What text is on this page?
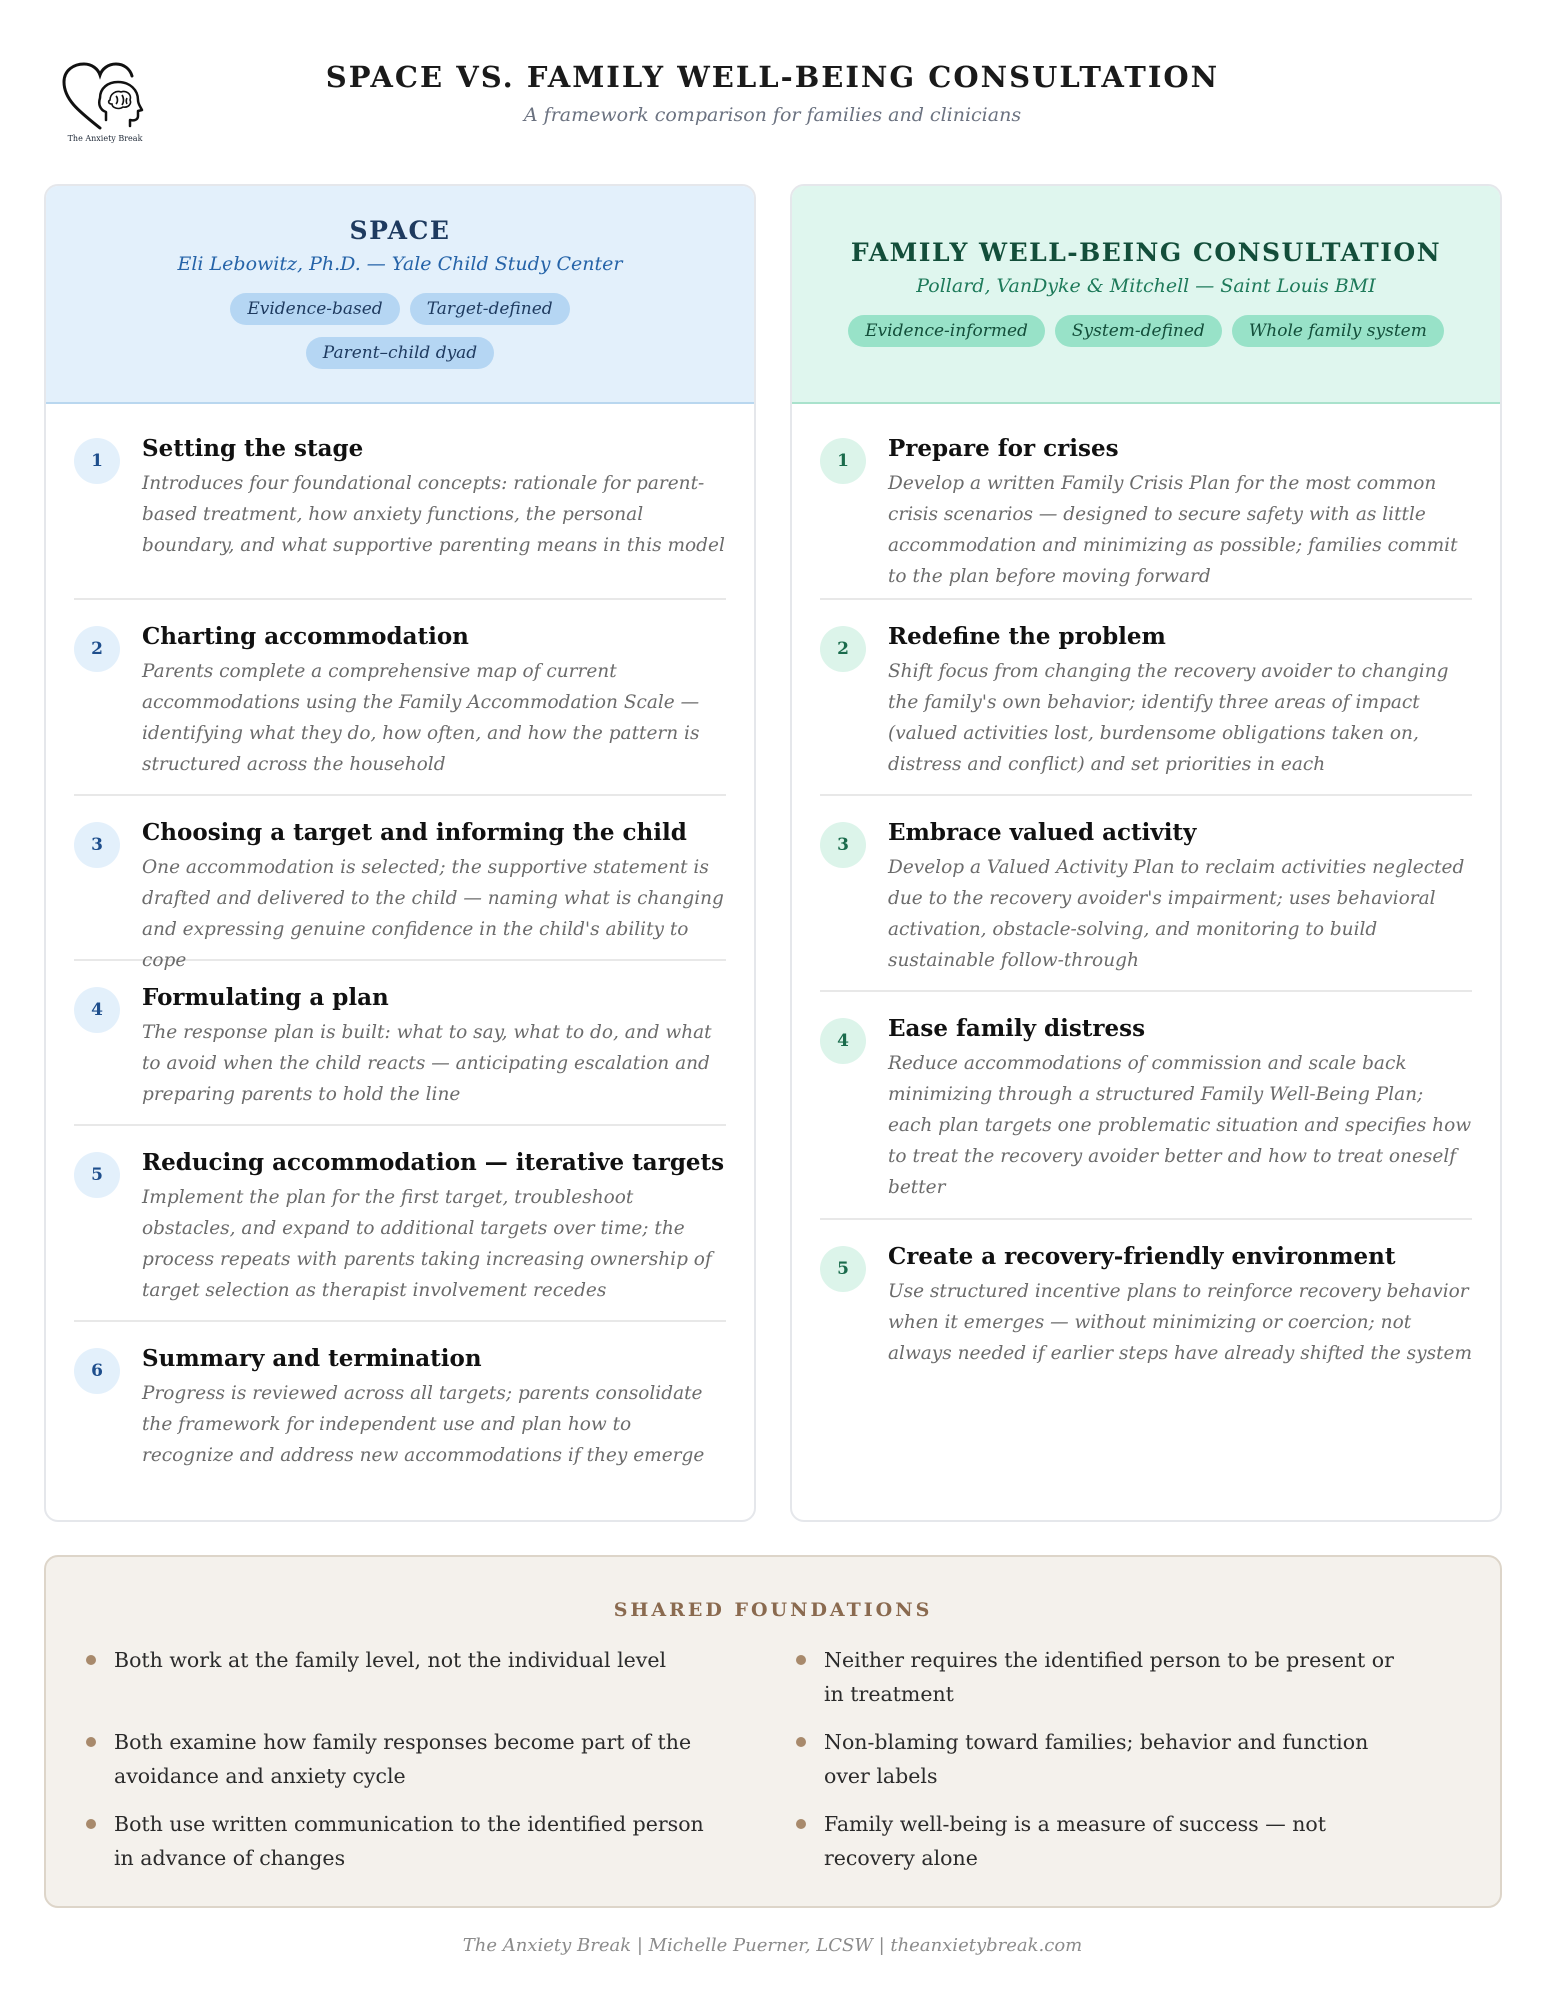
The Anxiety Break
SPACE VS. FAMILY WELL-BEING CONSULTATION
A framework comparison for families and clinicians
SPACE
Eli Lebowitz, Ph.D. — Yale Child Study Center
Evidence-based	Target-defined
Parent–child dyad
1	Setting the stage
Introduces four foundational concepts: rationale for parent-based treatment, how anxiety functions, the personal boundary, and what supportive parenting means in this model
2	Charting accommodation
Parents complete a comprehensive map of current accommodations using the Family Accommodation Scale — identifying what they do, how often, and how the pattern is structured across the household
3	Choosing a target and informing the child
One accommodation is selected; the supportive statement is drafted and delivered to the child — naming what is changing and expressing genuine confidence in the child's ability to cope
4	Formulating a plan
The response plan is built: what to say, what to do, and what to avoid when the child reacts — anticipating escalation and preparing parents to hold the line
5	Reducing accommodation — iterative targets
Implement the plan for the first target, troubleshoot obstacles, and expand to additional targets over time; the process repeats with parents taking increasing ownership of target selection as therapist involvement recedes
6	Summary and termination
Progress is reviewed across all targets; parents consolidate the framework for independent use and plan how to recognize and address new accommodations if they emerge
FAMILY WELL-BEING CONSULTATION
Pollard, VanDyke & Mitchell — Saint Louis BMI
Evidence-informed	System-defined	Whole family system
1	Prepare for crises
Develop a written Family Crisis Plan for the most common crisis scenarios — designed to secure safety with as little accommodation and minimizing as possible; families commit to the plan before moving forward
2	Redefine the problem
Shift focus from changing the recovery avoider to changing the family's own behavior; identify three areas of impact (valued activities lost, burdensome obligations taken on, distress and conflict) and set priorities in each
3	Embrace valued activity
Develop a Valued Activity Plan to reclaim activities neglected due to the recovery avoider's impairment; uses behavioral activation, obstacle-solving, and monitoring to build sustainable follow-through
4	Ease family distress
Reduce accommodations of commission and scale back minimizing through a structured Family Well-Being Plan; each plan targets one problematic situation and specifies how to treat the recovery avoider better and how to treat oneself better
5	Create a recovery-friendly environment
Use structured incentive plans to reinforce recovery behavior when it emerges — without minimizing or coercion; not always needed if earlier steps have already shifted the system
SHARED FOUNDATIONS
Both work at the family level, not the individual level
Both examine how family responses become part of the avoidance and anxiety cycle
Both use written communication to the identified person in advance of changes
Neither requires the identified person to be present or in treatment
Non-blaming toward families; behavior and function over labels
Family well-being is a measure of success — not recovery alone
The Anxiety Break | Michelle Puerner, LCSW | theanxietybreak.com
